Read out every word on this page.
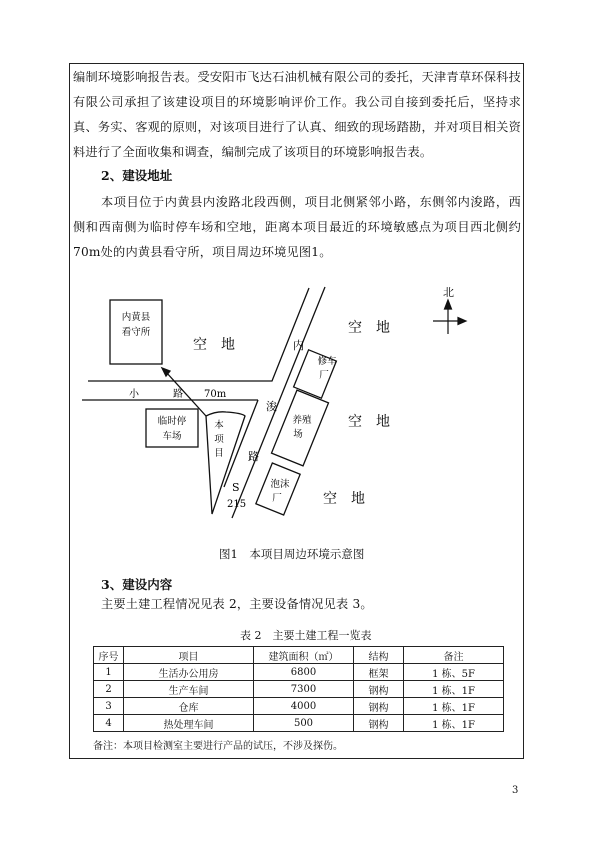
编制环境影响报告表。受安阳市飞达石油机械有限公司的委托，天津青草环保科技有限公司承担了该建设项目的环境影响评价工作。我公司自接到委托后，坚持求真、务实、客观的原则，对该项目进行了认真、细致的现场踏勘，并对项目相关资料进行了全面收集和调查，编制完成了该项目的环境影响报告表。
2、建设地址
本项目位于内黄县内浚路北段西侧，项目北侧紧邻小路，东侧邻内浚路，西侧和西南侧为临时停车场和空地，距离本项目最近的环境敏感点为项目西北侧约70m处的内黄县看守所，项目周边环境见图1。
北
内黄县
看守所
空　地
空　地
空　地
空　地
小	路 70m
内
浚
路
S
215
临时停
车场
本
项
目
修车
厂
养殖
场
泡沫
厂
图1　本项目周边环境示意图
3、建设内容
主要土建工程情况见表 2，主要设备情况见表 3。
表 2　主要土建工程一览表
序号	项目	建筑面积（㎡）	结构	备注
1	生活办公用房	6800	框架	1 栋、5F
2	生产车间	7300	钢构	1 栋、1F
3	仓库	4000	钢构	1 栋、1F
4	热处理车间	500	钢构	1 栋、1F
备注：本项目检测室主要进行产品的试压，不涉及探伤。
3
